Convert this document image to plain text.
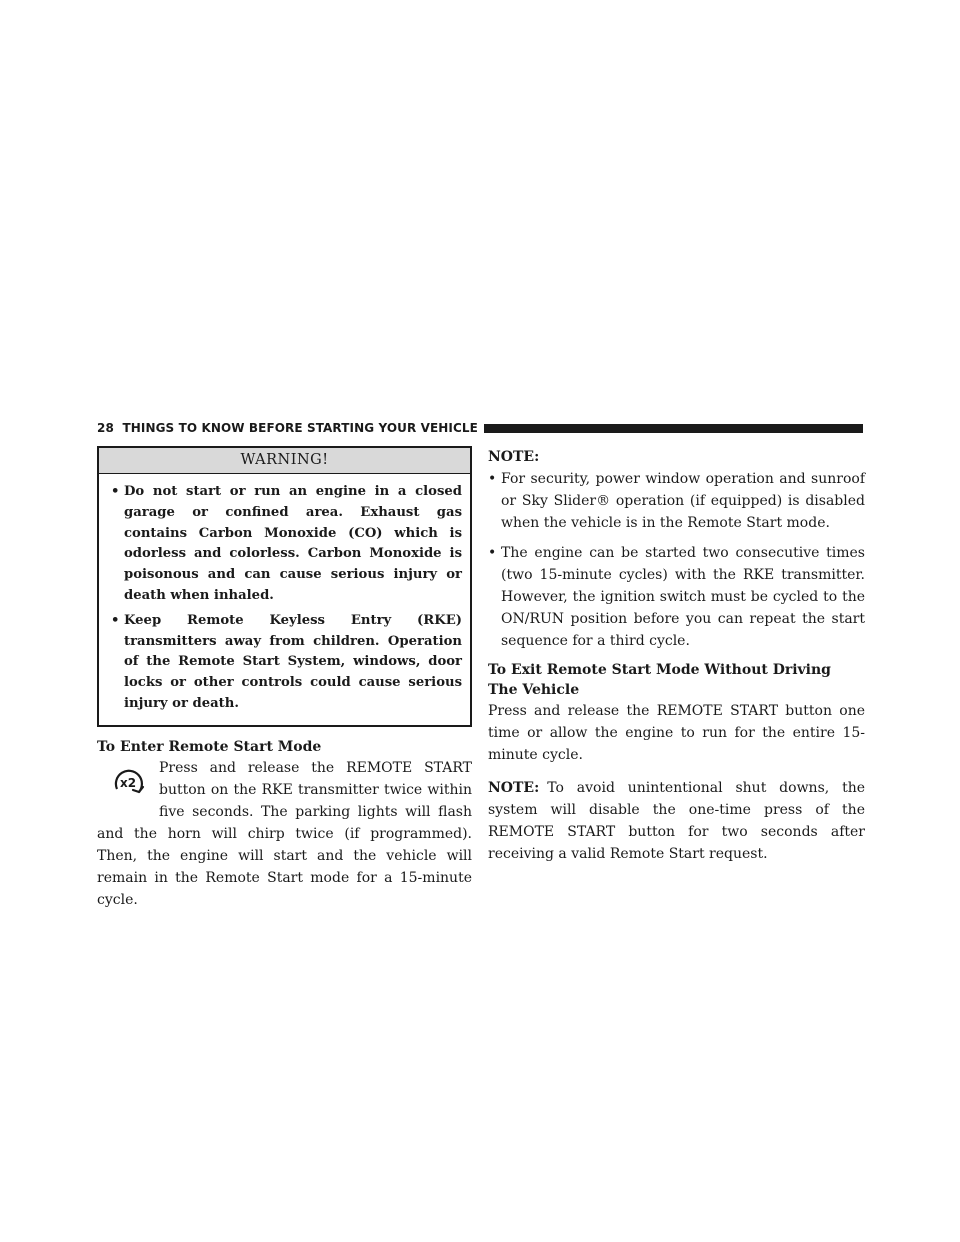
28 THINGS TO KNOW BEFORE STARTING YOUR VEHICLE
WARNING!
• Do not start or run an engine in a closed garage or confined area. Exhaust gas contains Carbon Monoxide (CO) which is odorless and colorless. Carbon Monoxide is poisonous and can cause serious injury or death when inhaled.
• Keep Remote Keyless Entry (RKE) transmitters away from children. Operation of the Remote Start System, windows, door locks or other controls could cause serious injury or death.
To Enter Remote Start Mode
x2
Press and release the REMOTE START button on the RKE transmitter twice within five seconds. The parking lights will flash and the horn will chirp twice (if programmed). Then, the engine will start and the vehicle will remain in the Remote Start mode for a 15-minute cycle.
NOTE:
• For security, power window operation and sunroof or Sky Slider® operation (if equipped) is disabled when the vehicle is in the Remote Start mode.
• The engine can be started two consecutive times (two 15-minute cycles) with the RKE transmitter. However, the ignition switch must be cycled to the ON/RUN position before you can repeat the start sequence for a third cycle.
To Exit Remote Start Mode Without Driving The Vehicle
Press and release the REMOTE START button one time or allow the engine to run for the entire 15-minute cycle.
NOTE: To avoid unintentional shut downs, the system will disable the one-time press of the REMOTE START button for two seconds after receiving a valid Remote Start request.
